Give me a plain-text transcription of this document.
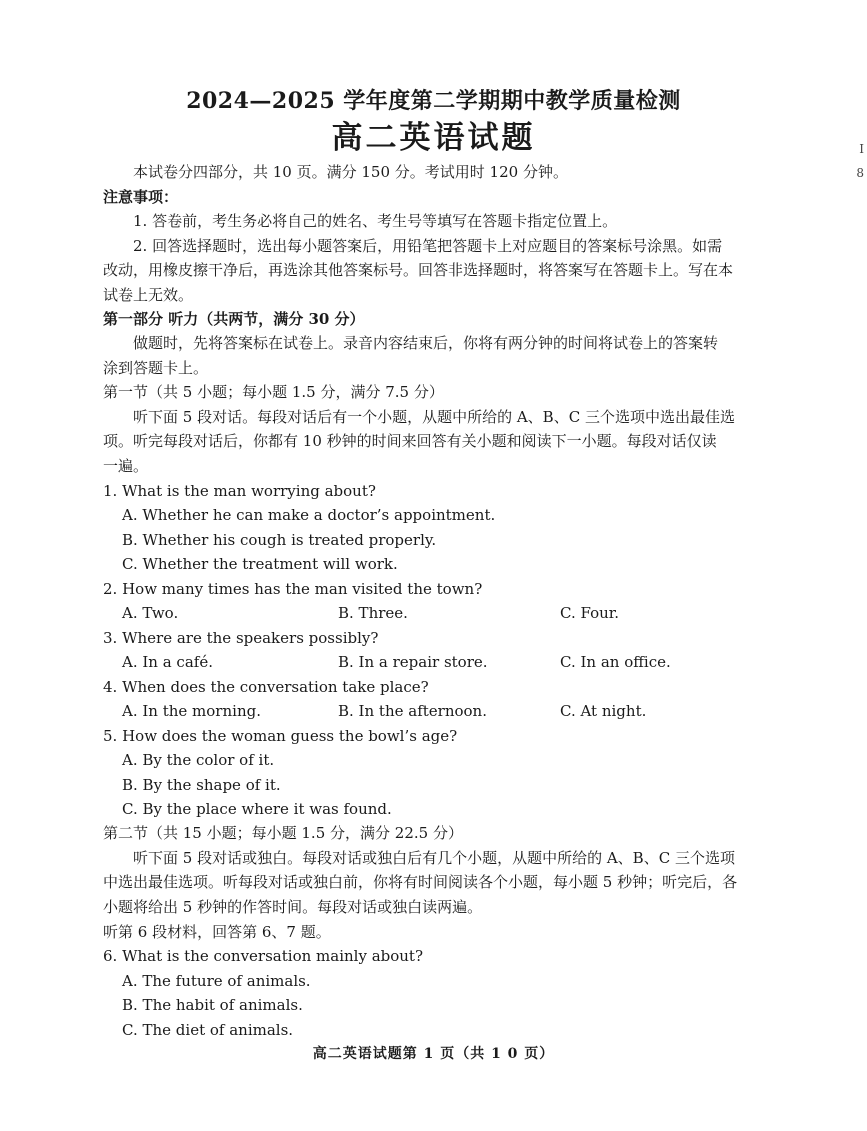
2024—2025 学年度第二学期期中教学质量检测
高二英语试题	I
8
本试卷分四部分，共 10 页。满分 150 分。考试用时 120 分钟。
注意事项：
1. 答卷前，考生务必将自己的姓名、考生号等填写在答题卡指定位置上。
2. 回答选择题时，选出每小题答案后，用铅笔把答题卡上对应题目的答案标号涂黑。如需
改动，用橡皮擦干净后，再选涂其他答案标号。回答非选择题时，将答案写在答题卡上。写在本
试卷上无效。
第一部分 听力（共两节，满分 30 分）
做题时，先将答案标在试卷上。录音内容结束后，你将有两分钟的时间将试卷上的答案转
涂到答题卡上。
第一节（共 5 小题；每小题 1.5 分，满分 7.5 分）
听下面 5 段对话。每段对话后有一个小题，从题中所给的 A、B、C 三个选项中选出最佳选
项。听完每段对话后，你都有 10 秒钟的时间来回答有关小题和阅读下一小题。每段对话仅读
一遍。
1. What is the man worrying about?
A. Whether he can make a doctor’s appointment.
B. Whether his cough is treated properly.
C. Whether the treatment will work.
2. How many times has the man visited the town?
A. Two.	B. Three.	C. Four.
3. Where are the speakers possibly?
A. In a café.	B. In a repair store.	C. In an office.
4. When does the conversation take place?
A. In the morning.	B. In the afternoon.	C. At night.
5. How does the woman guess the bowl’s age?
A. By the color of it.
B. By the shape of it.
C. By the place where it was found.
第二节（共 15 小题；每小题 1.5 分，满分 22.5 分）
听下面 5 段对话或独白。每段对话或独白后有几个小题，从题中所给的 A、B、C 三个选项
中选出最佳选项。听每段对话或独白前，你将有时间阅读各个小题，每小题 5 秒钟；听完后，各
小题将给出 5 秒钟的作答时间。每段对话或独白读两遍。
听第 6 段材料，回答第 6、7 题。
6. What is the conversation mainly about?
A. The future of animals.
B. The habit of animals.
C. The diet of animals.
高二英语试题第 1 页（共 1 0 页）
